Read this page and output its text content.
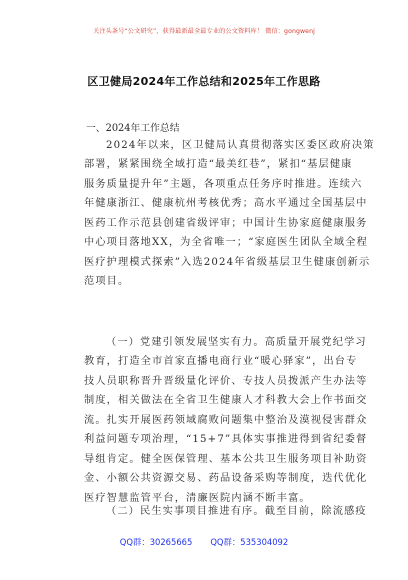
关注头条号“公文研究”，获得最新最全最专业的公文资料库！ 微信：gongwenj
区卫健局2024年工作总结和2025年工作思路
一、2024年工作总结
2024年以来，区卫健局认真贯彻落实区委区政府决策
部署，紧紧围绕全域打造“最美红巷”，紧扣“基层健康
服务质量提升年”主题，各项重点任务序时推进。连续六
年健康浙江、健康杭州考核优秀；高水平通过全国基层中
医药工作示范县创建省级评审；中国计生协家庭健康服务
中心项目落地XX，为全省唯一；“家庭医生团队全域全程
医疗护理模式探索”入选2024年省级基层卫生健康创新示
范项目。
（一）党建引领发展坚实有力。高质量开展党纪学习
教育，打造全市首家直播电商行业“暖心驿家”，出台专
技人员职称晋升晋级量化评价、专技人员拨派产生办法等
制度，相关做法在全省卫生健康人才科教大会上作书面交
流。扎实开展医药领域腐败问题集中整治及漠视侵害群众
利益问题专项治理，“15+7”具体实事推进得到省纪委督
导组肯定。健全医保管理、基本公共卫生服务项目补助资
金、小额公共资源交易、药品设备采购等制度，迭代优化
医疗智慧监管平台，清廉医院内涵不断丰富。
（二）民生实事项目推进有序。截至目前，除流感疫
QQ群：30265665 QQ群：535304092
